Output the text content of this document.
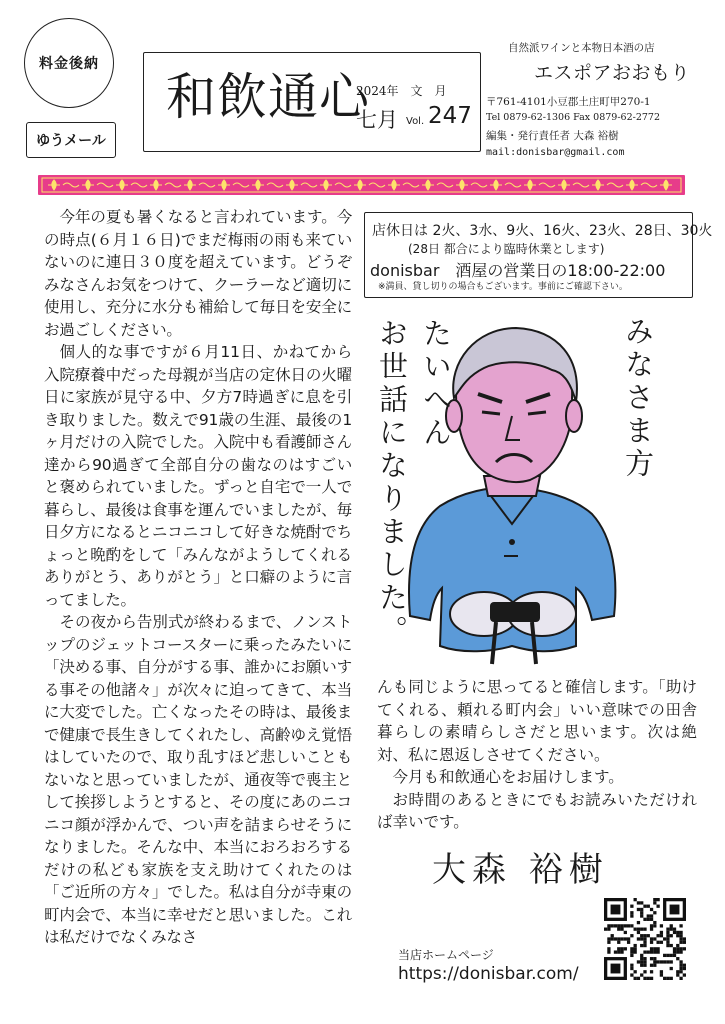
料金後納
ゆうメール
和飲通心
2024年　文　月
七月 Vol. 247
自然派ワインと本物日本酒の店
エスポアおおもり
〒761-4101小豆郡土庄町甲270-1
Tel 0879-62-1306 Fax 0879-62-2772
編集・発行責任者 大森 裕樹
mail:donisbar@gmail.com

今年の夏も暑くなると言われています。今の時点(６月１６日)でまだ梅雨の雨も来ていないのに連日３０度を超えています。どうぞみなさんお気をつけて、クーラーなど適切に使用し、充分に水分も補給して毎日を安全にお過ごしください。

個人的な事ですが６月11日、かねてから入院療養中だった母親が当店の定休日の火曜日に家族が見守る中、夕方7時過ぎに息を引き取りました。数えで91歳の生涯、最後の1ヶ月だけの入院でした。入院中も看護師さん達から90過ぎて全部自分の歯なのはすごいと褒められていました。ずっと自宅で一人で暮らし、最後は食事を運んでいましたが、毎日夕方になるとニコニコして好きな焼酎でちょっと晩酌をして「みんながようしてくれるありがとう、ありがとう」と口癖のように言ってました。

その夜から告別式が終わるまで、ノンストップのジェットコースターに乗ったみたいに「決める事、自分がする事、誰かにお願いする事その他諸々」が次々に迫ってきて、本当に大変でした。亡くなったその時は、最後まで健康で長生きしてくれたし、高齢ゆえ覚悟はしていたので、取り乱すほど悲しいこともないなと思っていましたが、通夜等で喪主として挨拶しようとすると、その度にあのニコニコ顔が浮かんで、つい声を詰まらせそうになりました。そんな中、本当におろおろするだけの私ども家族を支え助けてくれたのは「ご近所の方々」でした。私は自分が寺東の町内会で、本当に幸せだと思いました。これは私だけでなくみなさ

店休日は 2火、3水、9火、16火、23火、28日、30火
(28日 都合により臨時休業とします)
donisbar　酒屋の営業日の18:00-22:00
※満員、貸し切りの場合もございます。事前にご確認下さい。
みなさま方
たいへん
お世話になりました。

んも同じように思ってると確信します。「助けてくれる、頼れる町内会」いい意味での田舎暮らしの素晴らしさだと思います。次は絶対、私に恩返しさせてください。

今月も和飲通心をお届けします。

お時間のあるときにでもお読みいただければ幸いです。

大森 裕樹
当店ホームページ
https://donisbar.com/
